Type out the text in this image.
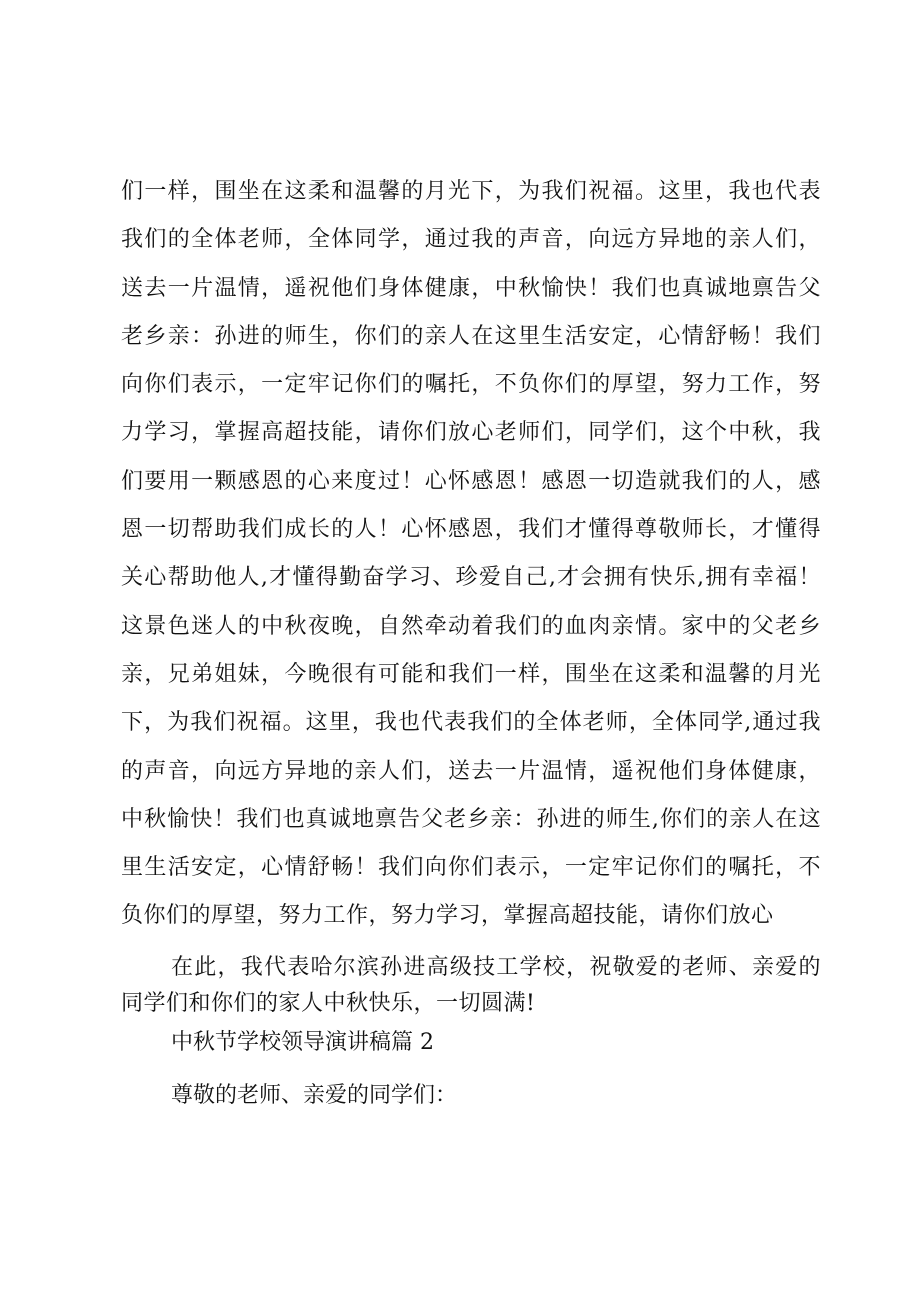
们一样，围坐在这柔和温馨的月光下，为我们祝福。这里，我也代表
我们的全体老师，全体同学，通过我的声音，向远方异地的亲人们，
送去一片温情，遥祝他们身体健康，中秋愉快！我们也真诚地禀告父
老乡亲：孙进的师生，你们的亲人在这里生活安定，心情舒畅！我们
向你们表示，一定牢记你们的嘱托，不负你们的厚望，努力工作，努
力学习，掌握高超技能，请你们放心老师们，同学们，这个中秋，我
们要用一颗感恩的心来度过！心怀感恩！感恩一切造就我们的人，感
恩一切帮助我们成长的人！心怀感恩，我们才懂得尊敬师长，才懂得
关心帮助他人,才懂得勤奋学习、珍爱自己,才会拥有快乐,拥有幸福！
这景色迷人的中秋夜晚，自然牵动着我们的血肉亲情。家中的父老乡
亲，兄弟姐妹，今晚很有可能和我们一样，围坐在这柔和温馨的月光
下，为我们祝福。这里，我也代表我们的全体老师，全体同学,通过我
的声音，向远方异地的亲人们，送去一片温情，遥祝他们身体健康，
中秋愉快！我们也真诚地禀告父老乡亲：孙进的师生,你们的亲人在这
里生活安定，心情舒畅！我们向你们表示，一定牢记你们的嘱托，不
负你们的厚望，努力工作，努力学习，掌握高超技能，请你们放心
在此，我代表哈尔滨孙进高级技工学校，祝敬爱的老师、亲爱的
同学们和你们的家人中秋快乐，一切圆满!
中秋节学校领导演讲稿篇 2
尊敬的老师、亲爱的同学们：
